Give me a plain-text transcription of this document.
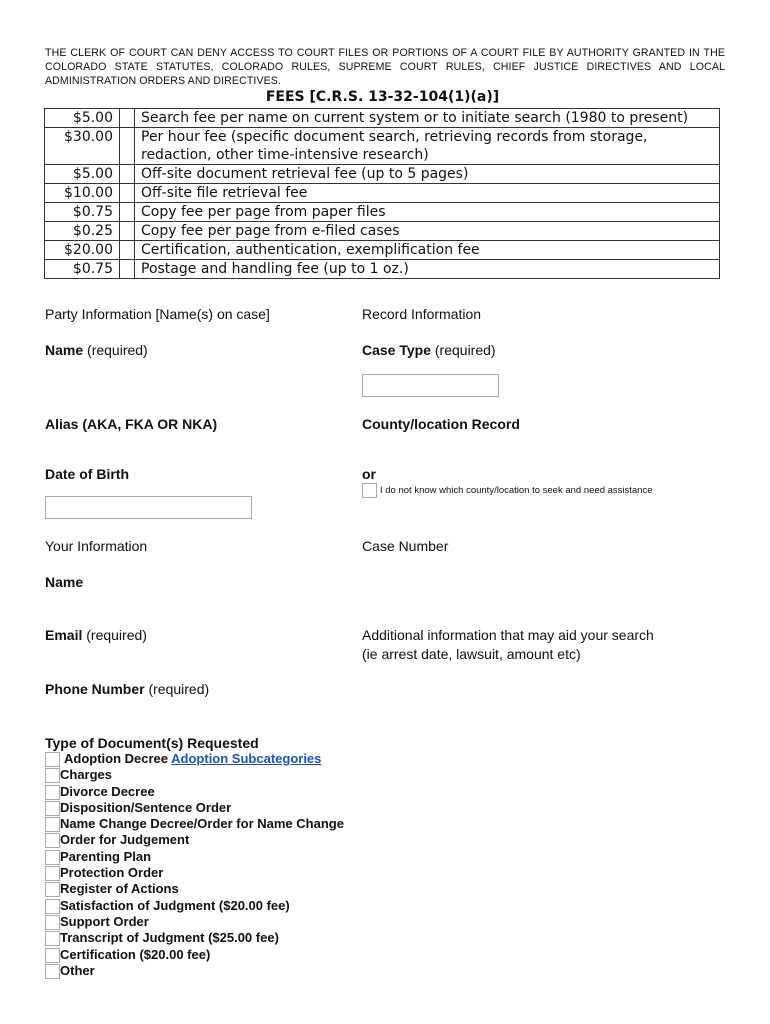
THE CLERK OF COURT CAN DENY ACCESS TO COURT FILES OR PORTIONS OF A COURT FILE BY AUTHORITY GRANTED IN THE COLORADO STATE STATUTES, COLORADO RULES, SUPREME COURT RULES, CHIEF JUSTICE DIRECTIVES AND LOCAL ADMINISTRATION ORDERS AND DIRECTIVES.
FEES [C.R.S. 13-32-104(1)(a)]
$5.00		Search fee per name on current system or to initiate search (1980 to present)
$30.00		Per hour fee (specific document search, retrieving records from storage, redaction, other time-intensive research)
$5.00		Off-site document retrieval fee (up to 5 pages)
$10.00		Off-site file retrieval fee
$0.75		Copy fee per page from paper files
$0.25		Copy fee per page from e-filed cases
$20.00		Certification, authentication, exemplification fee
$0.75		Postage and handling fee (up to 1 oz.)
Party Information [Name(s) on case]
Name (required)
Alias (AKA, FKA OR NKA)
Date of Birth
Your Information
Name
Email (required)
Phone Number (required)
Record Information
Case Type (required)
County/location Record
or
I do not know which county/location to seek and need assistance
Case Number
Additional information that may aid your search
(ie arrest date, lawsuit, amount etc)
Type of Document(s) Requested
Adoption Decree Adoption Subcategories
Charges
Divorce Decree
Disposition/Sentence Order
Name Change Decree/Order for Name Change
Order for Judgement
Parenting Plan
Protection Order
Register of Actions
Satisfaction of Judgment ($20.00 fee)
Support Order
Transcript of Judgment ($25.00 fee)
Certification ($20.00 fee)
Other
